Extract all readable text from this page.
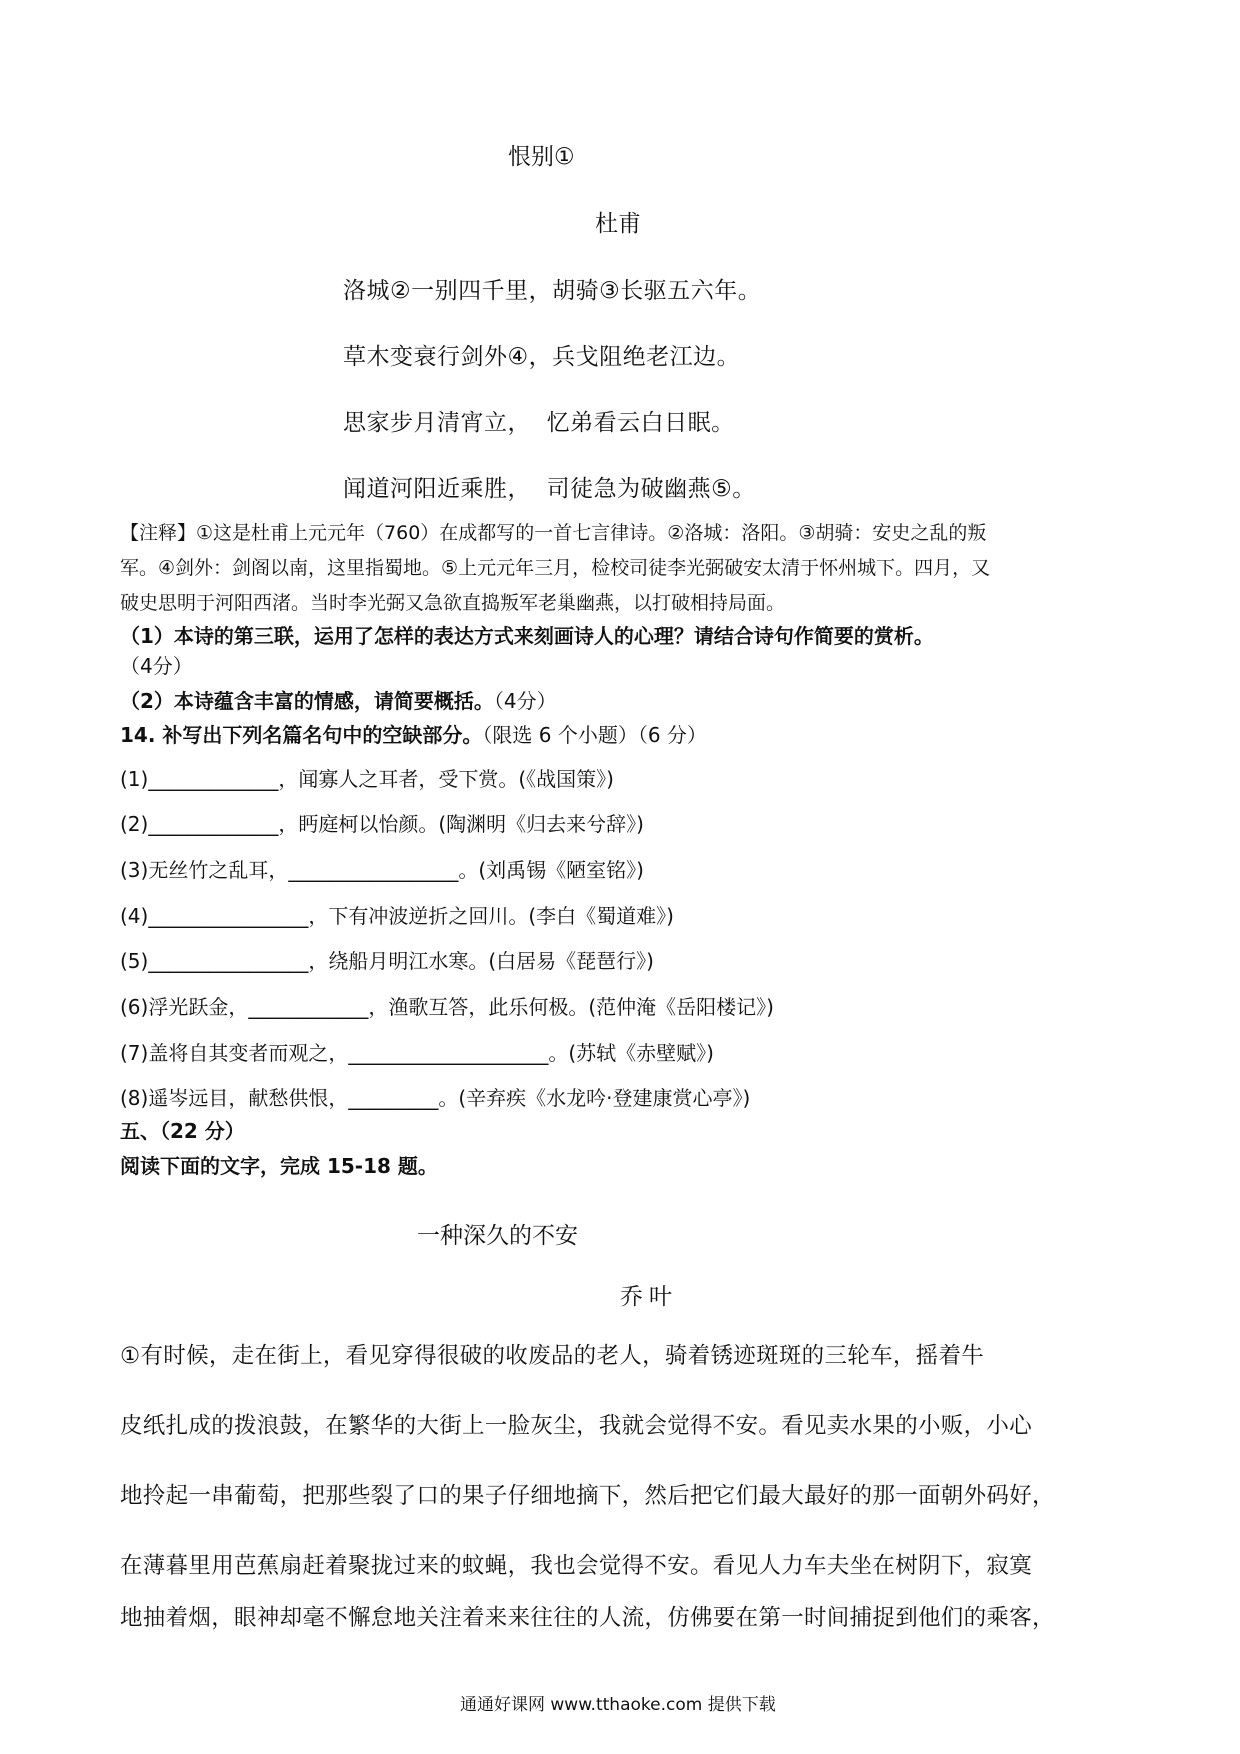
恨别①
杜甫
洛城②一别四千里，胡骑③长驱五六年。
草木变衰行剑外④，兵戈阻绝老江边。
思家步月清宵立，  忆弟看云白日眠。
闻道河阳近乘胜，  司徒急为破幽燕⑤。
【注释】①这是杜甫上元元年（760）在成都写的一首七言律诗。②洛城：洛阳。③胡骑：安史之乱的叛
军。④剑外：剑阁以南，这里指蜀地。⑤上元元年三月，检校司徒李光弼破安太清于怀州城下。四月，又
破史思明于河阳西渚。当时李光弼又急欲直捣叛军老巢幽燕，以打破相持局面。
（1）本诗的第三联，运用了怎样的表达方式来刻画诗人的心理？请结合诗句作简要的赏析。
（4分）
（2）本诗蕴含丰富的情感，请简要概括。（4分）
14. 补写出下列名篇名句中的空缺部分。（限选 6 个小题）（6 分）
(1)_____________，闻寡人之耳者，受下赏。(《战国策》)
(2)_____________，眄庭柯以怡颜。(陶渊明《归去来兮辞》)
(3)无丝竹之乱耳，_________________。(刘禹锡《陋室铭》)
(4)________________，下有冲波逆折之回川。(李白《蜀道难》)
(5)________________，绕船月明江水寒。(白居易《琵琶行》)
(6)浮光跃金，____________，渔歌互答，此乐何极。(范仲淹《岳阳楼记》)
(7)盖将自其变者而观之，____________________。(苏轼《赤壁赋》)
(8)遥岑远目，献愁供恨，_________。(辛弃疾《水龙吟·登建康赏心亭》)
五、（22 分）
阅读下面的文字，完成 15-18 题。
一种深久的不安
乔叶
①有时候，走在街上，看见穿得很破的收废品的老人，骑着锈迹斑斑的三轮车，摇着牛
皮纸扎成的拨浪鼓，在繁华的大街上一脸灰尘，我就会觉得不安。看见卖水果的小贩，小心
地拎起一串葡萄，把那些裂了口的果子仔细地摘下，然后把它们最大最好的那一面朝外码好，
在薄暮里用芭蕉扇赶着聚拢过来的蚊蝇，我也会觉得不安。看见人力车夫坐在树阴下，寂寞
地抽着烟，眼神却毫不懈怠地关注着来来往往的人流，仿佛要在第一时间捕捉到他们的乘客，
通通好课网 www.tthaoke.com 提供下载
